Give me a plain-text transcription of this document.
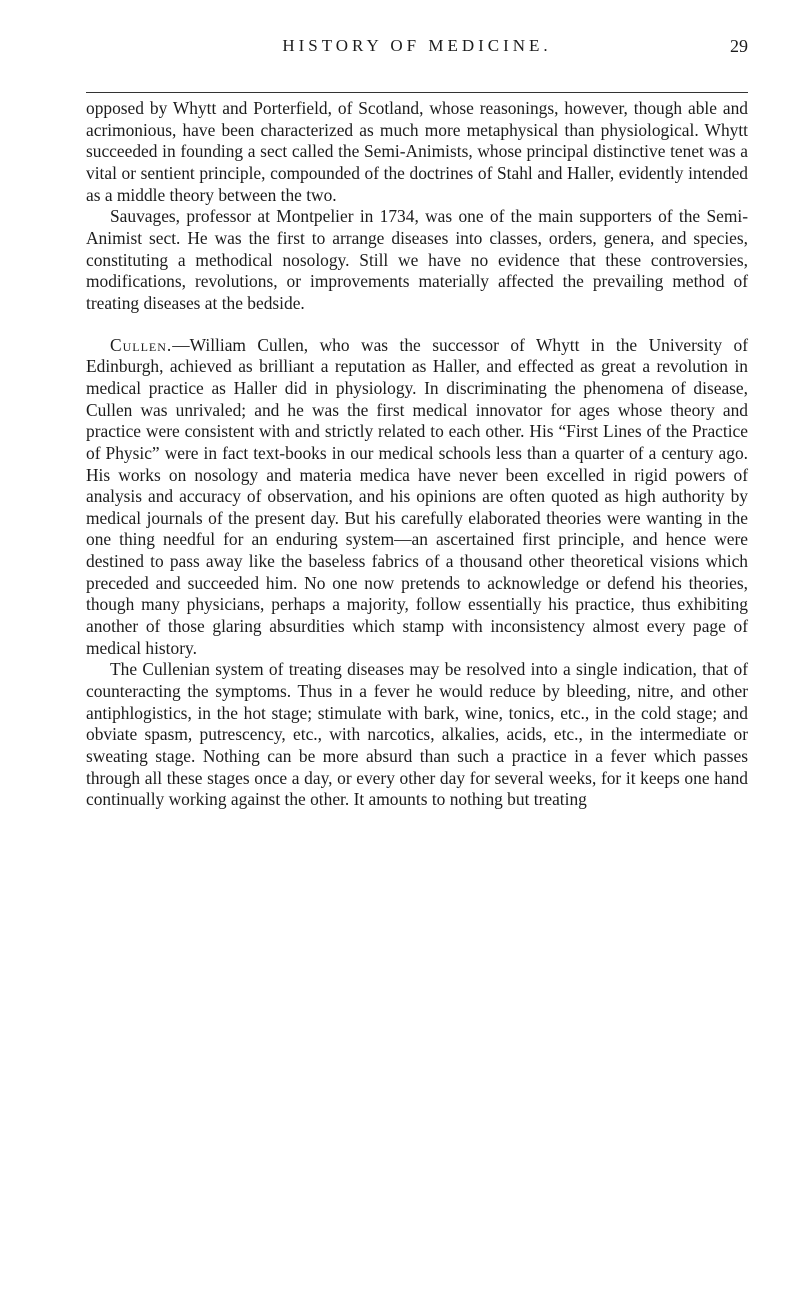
HISTORY OF MEDICINE.	29

opposed by Whytt and Porterfield, of Scotland, whose reasonings, however, though able and acrimonious, have been characterized as much more metaphysical than physiological. Whytt succeeded in founding a sect called the Semi-Animists, whose principal distinctive tenet was a vital or sentient principle, compounded of the doctrines of Stahl and Haller, evidently intended as a middle theory between the two.

Sauvages, professor at Montpelier in 1734, was one of the main supporters of the Semi-Animist sect. He was the first to arrange diseases into classes, orders, genera, and species, constituting a methodical nosology. Still we have no evidence that these controversies, modifications, revolutions, or improvements materially affected the prevailing method of treating diseases at the bedside.

Cullen.—William Cullen, who was the successor of Whytt in the University of Edinburgh, achieved as brilliant a reputation as Haller, and effected as great a revolution in medical practice as Haller did in physiology. In discriminating the phenomena of disease, Cullen was unrivaled; and he was the first medical innovator for ages whose theory and practice were consistent with and strictly related to each other. His “First Lines of the Practice of Physic” were in fact text-books in our medical schools less than a quarter of a century ago. His works on nosology and materia medica have never been excelled in rigid powers of analysis and accuracy of observation, and his opinions are often quoted as high authority by medical journals of the present day. But his carefully elaborated theories were wanting in the one thing needful for an enduring system—an ascertained first principle, and hence were destined to pass away like the baseless fabrics of a thousand other theoretical visions which preceded and succeeded him. No one now pretends to acknowledge or defend his theories, though many physicians, perhaps a majority, follow essentially his practice, thus exhibiting another of those glaring absurdities which stamp with inconsistency almost every page of medical history.

The Cullenian system of treating diseases may be resolved into a single indication, that of counteracting the symptoms. Thus in a fever he would reduce by bleeding, nitre, and other antiphlogistics, in the hot stage; stimulate with bark, wine, tonics, etc., in the cold stage; and obviate spasm, putrescency, etc., with narcotics, alkalies, acids, etc., in the intermediate or sweating stage. Nothing can be more absurd than such a practice in a fever which passes through all these stages once a day, or every other day for several weeks, for it keeps one hand continually working against the other. It amounts to nothing but treating
